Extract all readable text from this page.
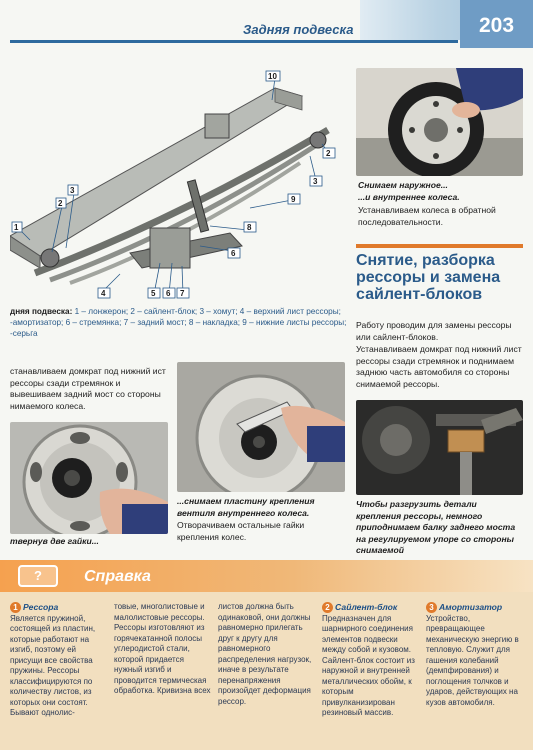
Задняя подвеска	203
1
2
3
4	5 6 7
6
8
9
10
3
2
дняя подвеска: 1 – лонжерон; 2 – сайлент-блок; 3 – хомут; 4 – верхний лист рессоры; -амортизатор; 6 – стремянка; 7 – задний мост; 8 – накладка; 9 – нижние листы рессоры; -серьга
Снимаем наружное...
...и внутреннее колеса.
Устанавливаем колеса в обратной последовательности.
Снятие, разборка рессоры и замена сайлент-блоков
Работу проводим для замены рессоры или сайлент-блоков.
Устанавливаем домкрат под нижний лист рессоры сзади стремянок и поднимаем заднюю часть автомобиля со стороны снимаемой рессоры.
станавливаем домкрат под нижний ист рессоры сзади стремянок и вывешиваем задний мост со стороны нимаемого колеса.
твернув две гайки...
...снимаем пластину крепления вентиля внутреннего колеса.
Отворачиваем остальные гайки крепления колес.
Чтобы разгрузить детали крепления рессоры, немного приподнимаем балку заднего моста на регулируемом упоре со стороны снимаемой
?	Справка
1 Рессора
Является пружиной, состоящей из пластин, которые работают на изгиб, поэтому ей присущи все свойства пружины. Рессоры классифицируются по количеству листов, из которых они состоят. Бывают однолис-
товые, многолистовые и малолистовые рессоры. Рессоры изготовляют из горячекатанной полосы углеродистой стали, которой придается нужный изгиб и проводится термическая обработка. Кривизна всех
листов должна быть одинаковой, они должны равномерно прилегать друг к другу для равномерного распределения нагрузок, иначе в результате перенапряжения произойдет деформация рессор.
2 Сайлент-блок
Предназначен для шарнирного соединения элементов подвески между собой и кузовом. Сайлент-блок состоит из наружной и внутренней металлических обойм, к которым привулканизирован резиновый массив.
3 Амортизатор
Устройство, превращающее механическую энергию в тепловую. Служит для гашения колебаний (демпфирования) и поглощения толчков и ударов, действующих на кузов автомобиля.
